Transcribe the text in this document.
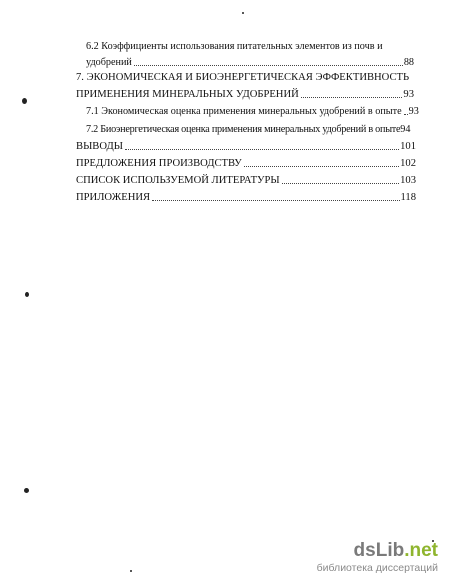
6.2 Коэффициенты использования питательных элементов из почв и
удобрений	88
7. ЭКОНОМИЧЕСКАЯ И БИОЭНЕРГЕТИЧЕСКАЯ ЭФФЕКТИВНОСТЬ
ПРИМЕНЕНИЯ МИНЕРАЛЬНЫХ УДОБРЕНИЙ	93
7.1 Экономическая оценка применения минеральных удобрений в опыте 93
7.2 Биоэнергетическая оценка применения минеральных удобрений в опыте 94
ВЫВОДЫ	101
ПРЕДЛОЖЕНИЯ ПРОИЗВОДСТВУ	102
СПИСОК ИСПОЛЬЗУЕМОЙ ЛИТЕРАТУРЫ	103
ПРИЛОЖЕНИЯ	118
dsLib.net
библиотека диссертаций
